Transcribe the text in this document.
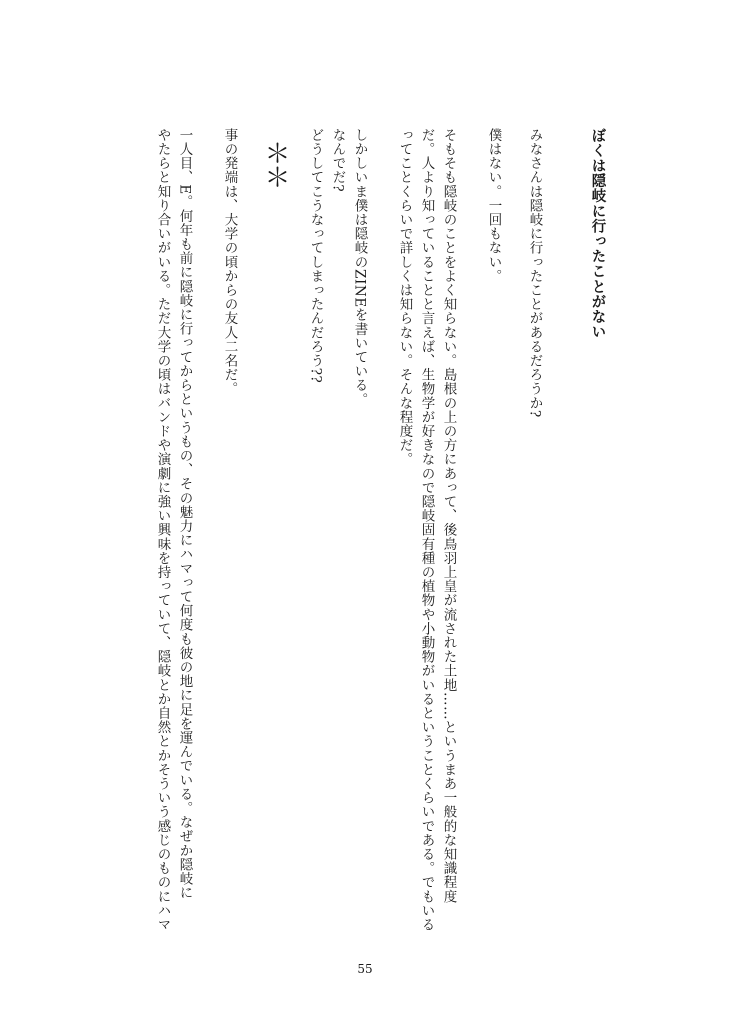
ぼくは隠岐に行ったことがない
みなさんは隠岐に行ったことがあるだろうか?
僕はない。一回もない。
そもそも隠岐のことをよく知らない。島根の上の方にあって、後鳥羽上皇が流された土地……というまあ一般的な知識程度
だ。人より知っていることと言えば、生物学が好きなので隠岐固有種の植物や小動物がいるということくらいである。でもいる
ってことくらいで詳しくは知らない。そんな程度だ。
しかしいま僕は隠岐のZINEを書いている。
なんでだ?
どうしてこうなってしまったんだろう??
＊＊
事の発端は、大学の頃からの友人二名だ。
一人目、E。何年も前に隠岐に行ってからというもの、その魅力にハマって何度も彼の地に足を運んでいる。なぜか隠岐に
やたらと知り合いがいる。ただ大学の頃はバンドや演劇に強い興味を持っていて、隠岐とか自然とかそういう感じのものにハマ
55
